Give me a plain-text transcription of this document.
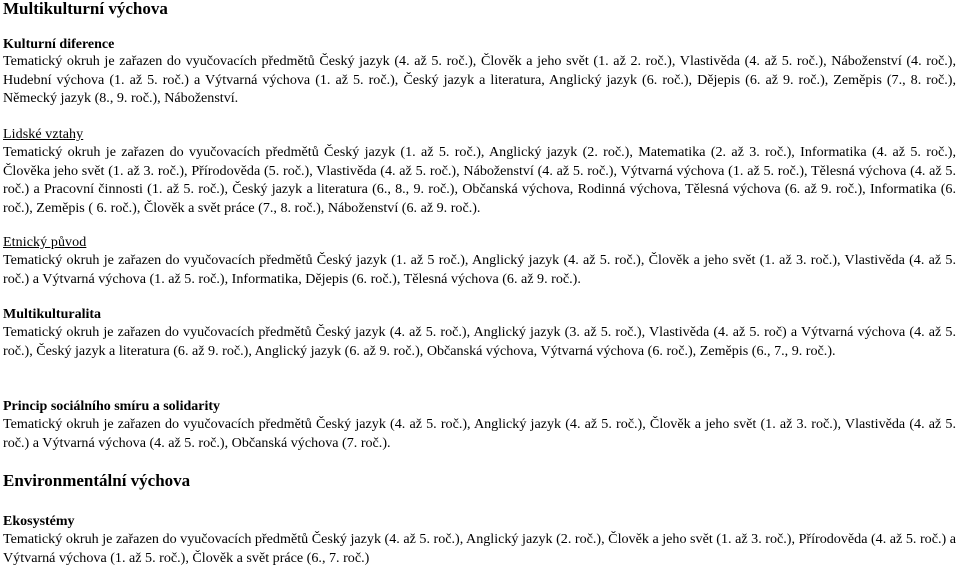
Multikulturní výchova
Kulturní diference

Tematický okruh je zařazen do vyučovacích předmětů Český jazyk (4. až 5. roč.), Člověk a jeho svět (1. až 2. roč.), Vlastivěda (4. až 5. roč.), Náboženství (4. roč.), Hudební výchova (1. až 5. roč.) a Výtvarná výchova (1. až 5. roč.), Český jazyk a literatura, Anglický jazyk (6. roč.), Dějepis (6. až 9. roč.), Zeměpis (7., 8. roč.), Německý jazyk (8., 9. roč.), Náboženství.

Lidské vztahy

Tematický okruh je zařazen do vyučovacích předmětů Český jazyk (1. až 5. roč.), Anglický jazyk (2. roč.), Matematika (2. až 3. roč.), Informatika (4. až 5. roč.), Člověka jeho svět (1. až 3. roč.), Přírodověda (5. roč.), Vlastivěda (4. až 5. roč.), Náboženství (4. až 5. roč.), Výtvarná výchova (1. až 5. roč.), Tělesná výchova (4. až 5. roč.) a Pracovní činnosti (1. až 5. roč.), Český jazyk a literatura (6., 8., 9. roč.), Občanská výchova, Rodinná výchova, Tělesná výchova (6. až 9. roč.), Informatika (6. roč.), Zeměpis ( 6. roč.), Člověk a svět práce (7., 8. roč.), Náboženství (6. až 9. roč.).

Etnický původ

Tematický okruh je zařazen do vyučovacích předmětů Český jazyk (1. až 5 roč.), Anglický jazyk (4. až 5. roč.), Člověk a jeho svět (1. až 3. roč.), Vlastivěda (4. až 5. roč.) a Výtvarná výchova (1. až 5. roč.), Informatika, Dějepis (6. roč.), Tělesná výchova (6. až 9. roč.).

Multikulturalita

Tematický okruh je zařazen do vyučovacích předmětů Český jazyk (4. až 5. roč.), Anglický jazyk (3. až 5. roč.), Vlastivěda (4. až 5. roč) a Výtvarná výchova (4. až 5. roč.), Český jazyk a literatura (6. až 9. roč.), Anglický jazyk (6. až 9. roč.), Občanská výchova, Výtvarná výchova (6. roč.), Zeměpis (6., 7., 9. roč.).

Princip sociálního smíru a solidarity

Tematický okruh je zařazen do vyučovacích předmětů Český jazyk (4. až 5. roč.), Anglický jazyk (4. až 5. roč.), Člověk a jeho svět (1. až 3. roč.), Vlastivěda (4. až 5. roč.) a Výtvarná výchova (4. až 5. roč.), Občanská výchova (7. roč.).

Environmentální výchova
Ekosystémy

Tematický okruh je zařazen do vyučovacích předmětů Český jazyk (4. až 5. roč.), Anglický jazyk (2. roč.), Člověk a jeho svět (1. až 3. roč.), Přírodověda (4. až 5. roč.) a Výtvarná výchova (1. až 5. roč.), Člověk a svět práce (6., 7. roč.)
